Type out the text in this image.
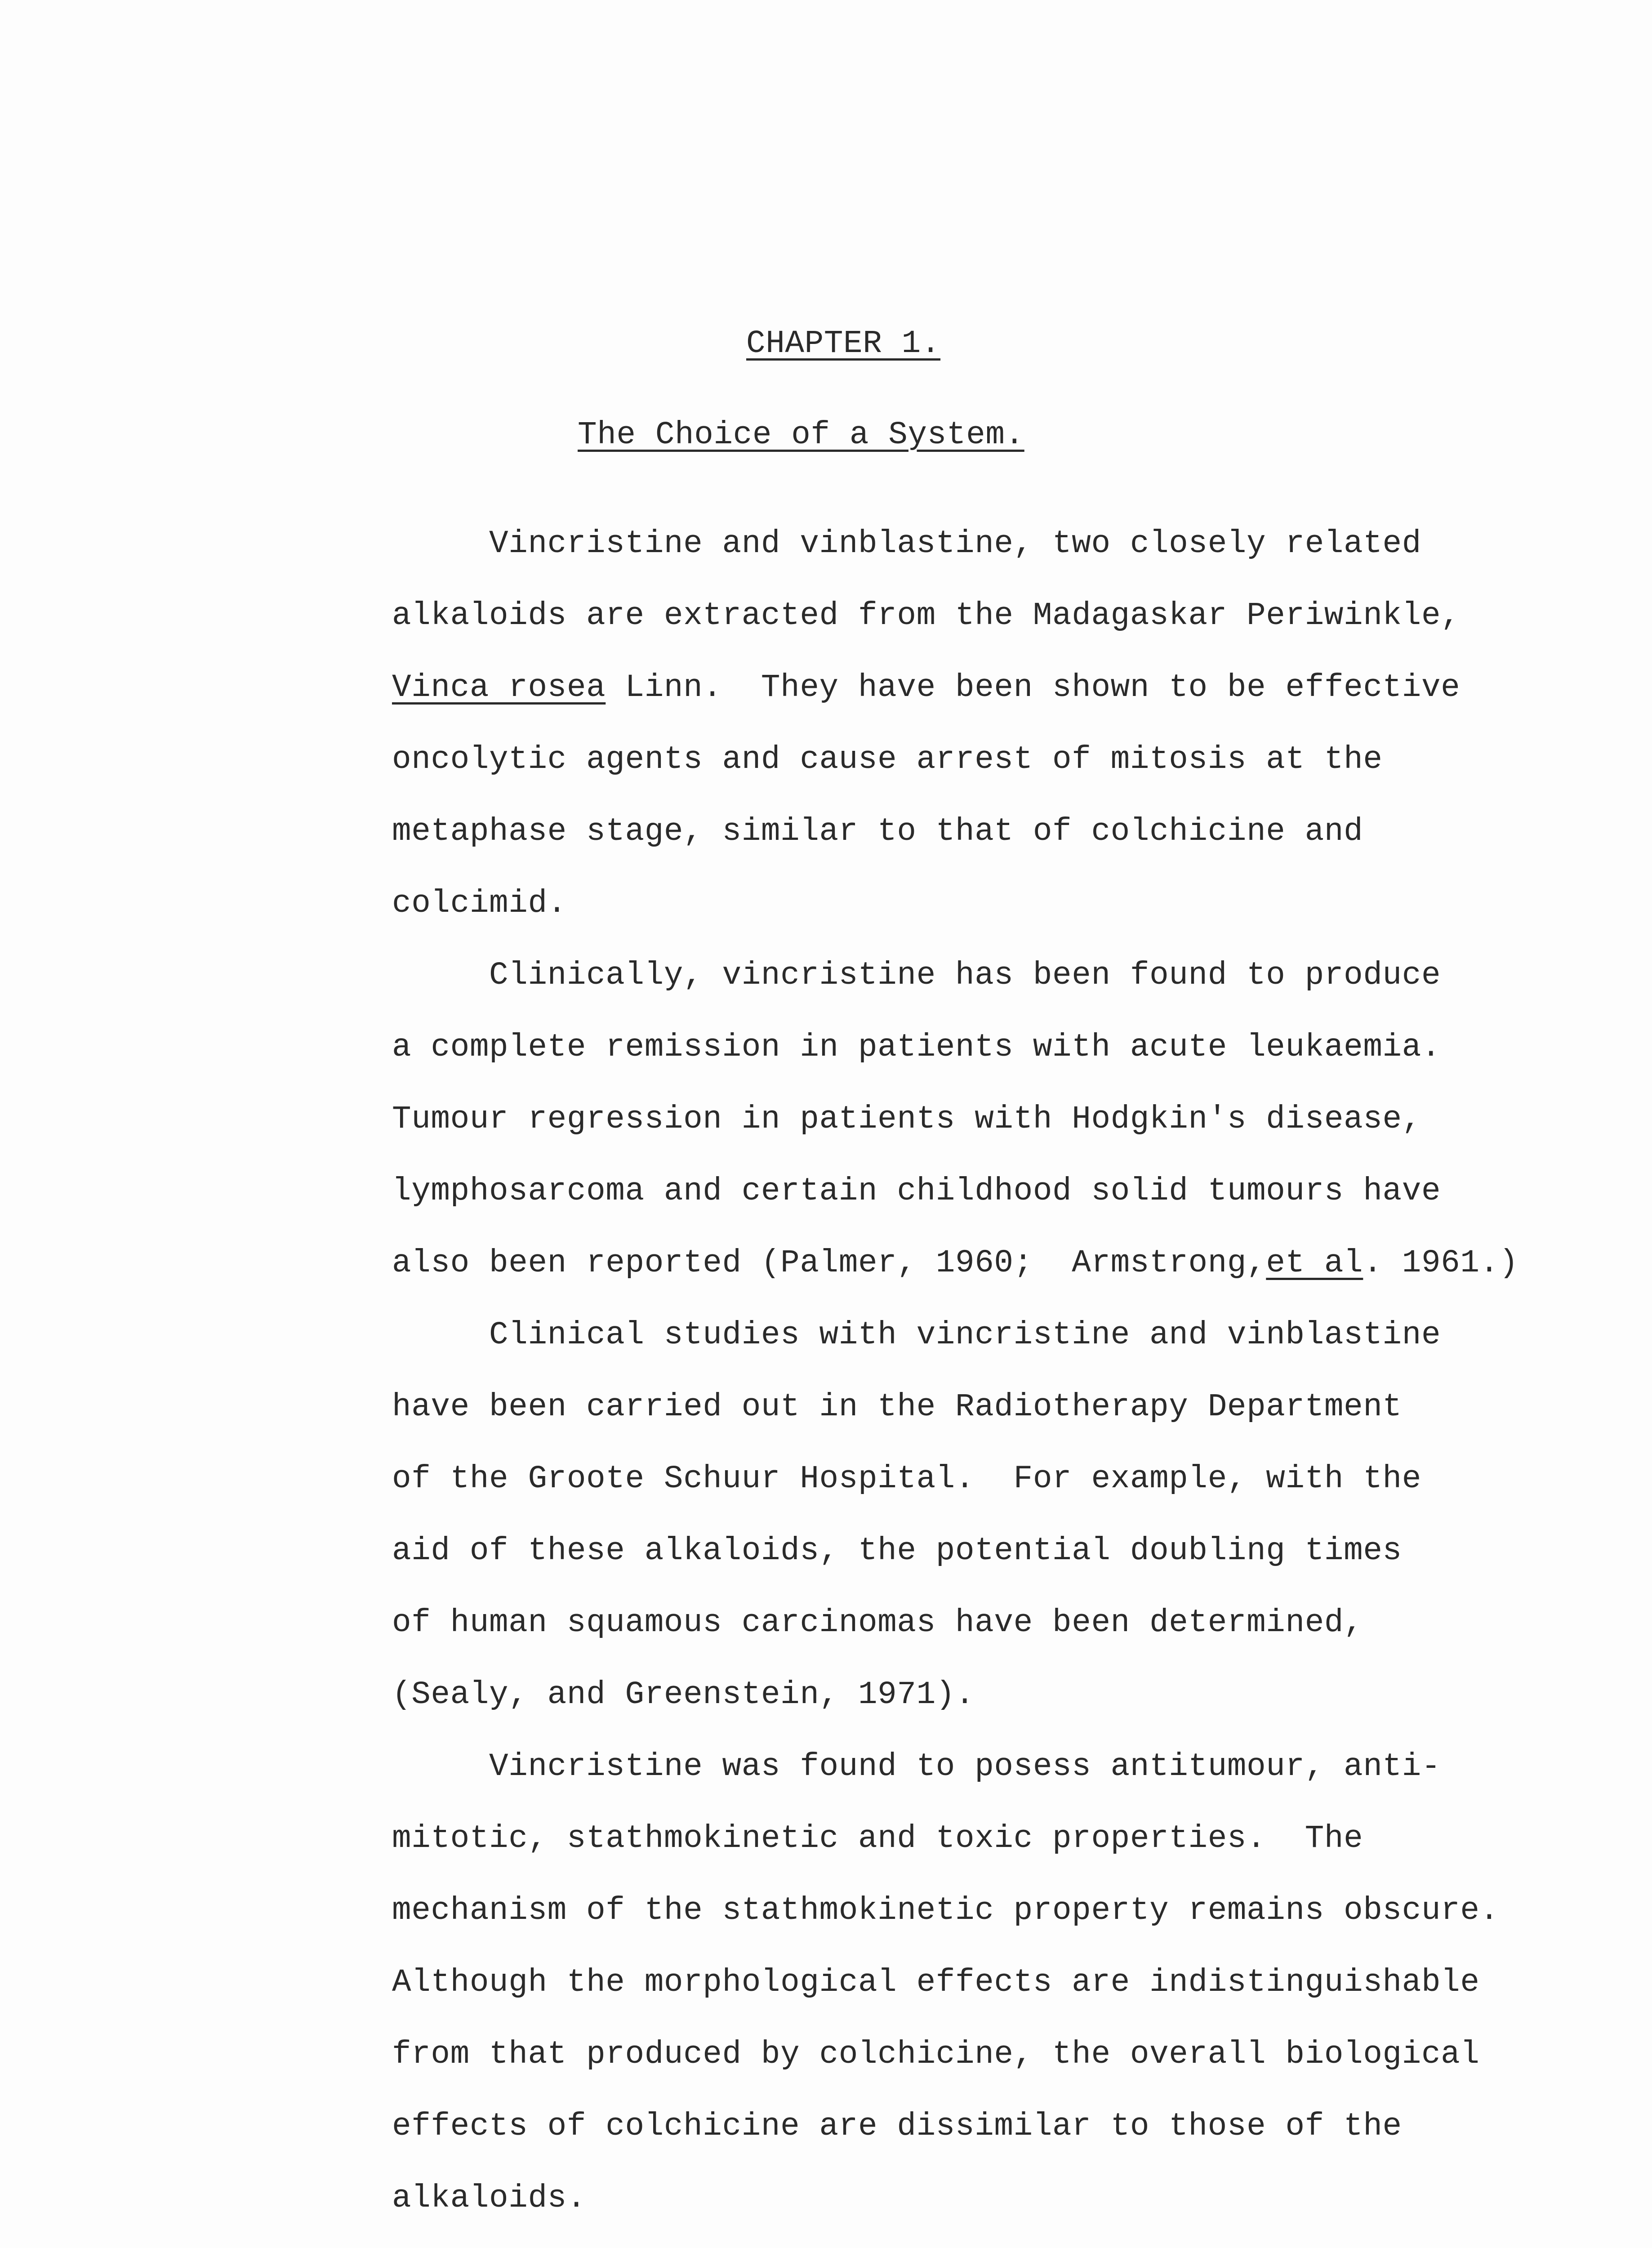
CHAPTER 1.
The Choice of a System.
Vincristine and vinblastine, two closely related
alkaloids are extracted from the Madagaskar Periwinkle,
Vinca rosea Linn.  They have been shown to be effective
oncolytic agents and cause arrest of mitosis at the
metaphase stage, similar to that of colchicine and
colcimid.
Clinically, vincristine has been found to produce
a complete remission in patients with acute leukaemia.
Tumour regression in patients with Hodgkin's disease,
lymphosarcoma and certain childhood solid tumours have
also been reported (Palmer, 1960;  Armstrong,et al. 1961.)
Clinical studies with vincristine and vinblastine
have been carried out in the Radiotherapy Department
of the Groote Schuur Hospital.  For example, with the
aid of these alkaloids, the potential doubling times
of human squamous carcinomas have been determined,
(Sealy, and Greenstein, 1971).
Vincristine was found to posess antitumour, anti-
mitotic, stathmokinetic and toxic properties.  The
mechanism of the stathmokinetic property remains obscure.
Although the morphological effects are indistinguishable
from that produced by colchicine, the overall biological
effects of colchicine are dissimilar to those of the
alkaloids.
